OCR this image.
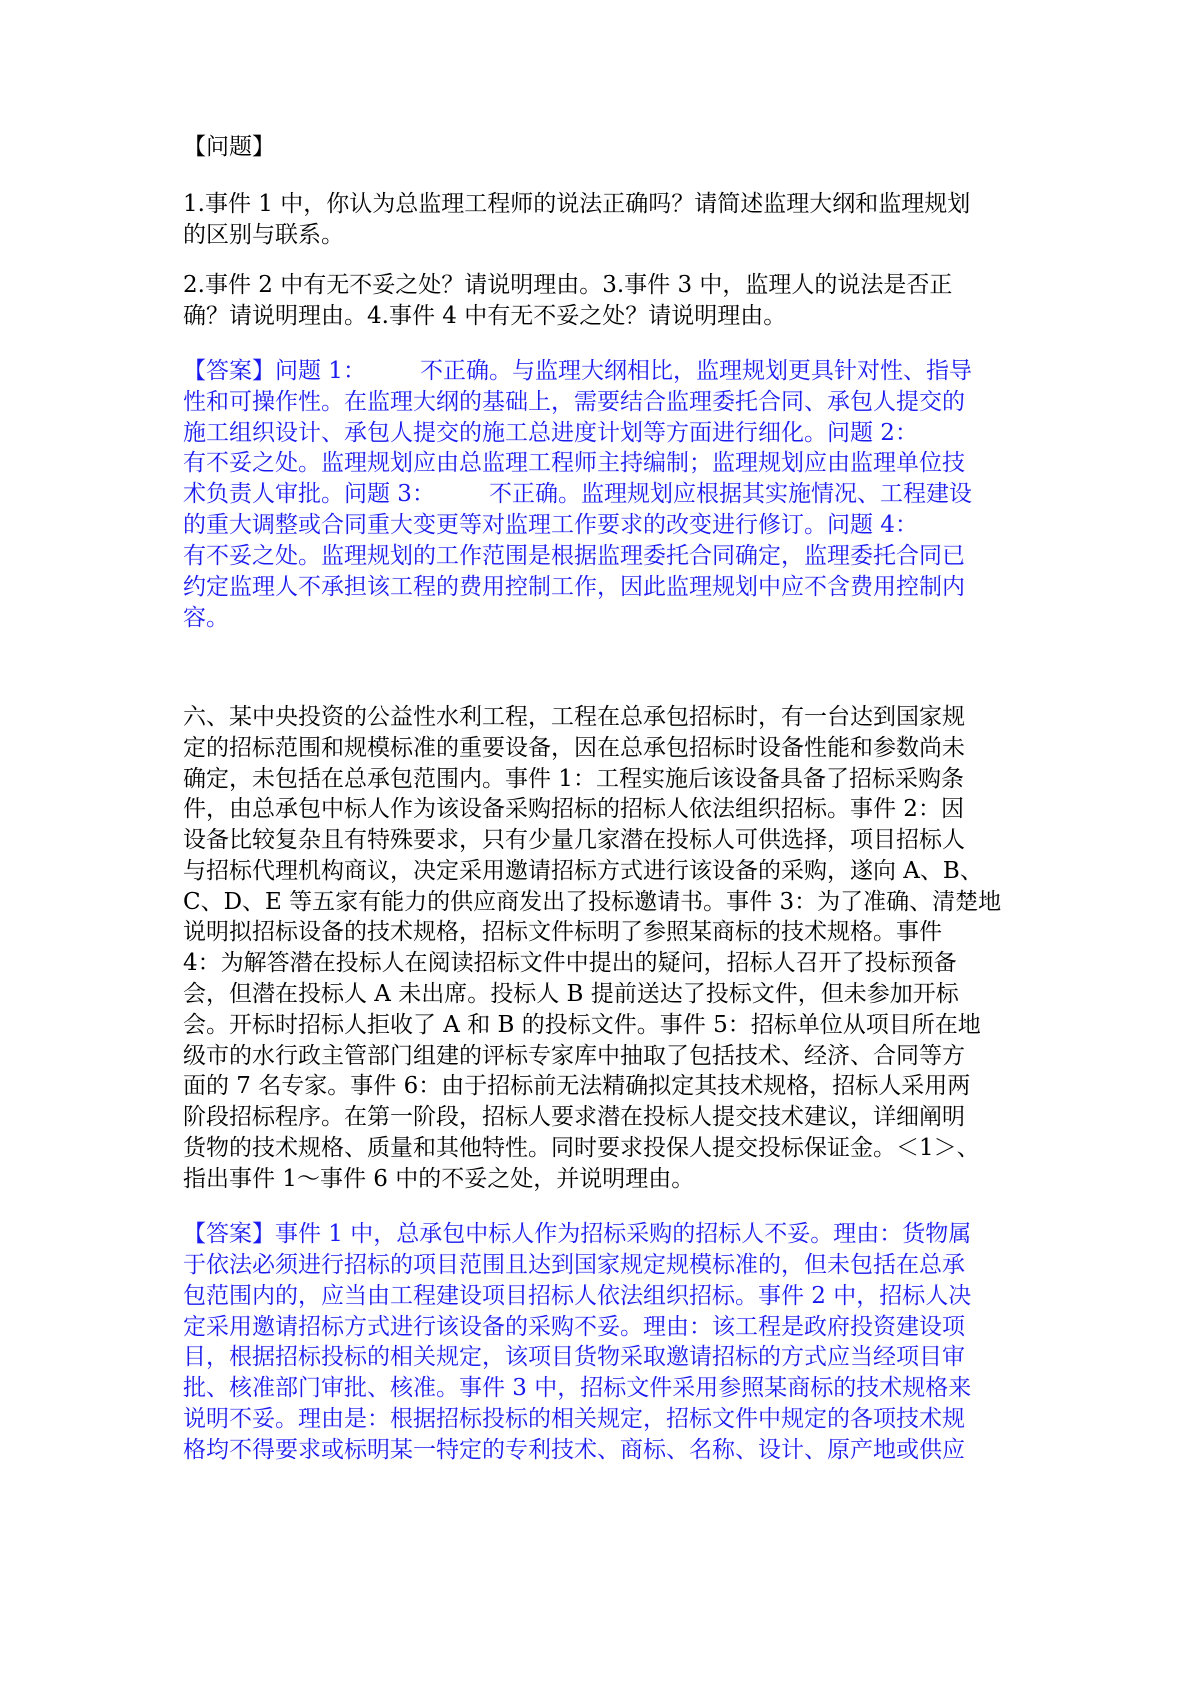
【问题】
1.事件 1 中，你认为总监理工程师的说法正确吗？请简述监理大纲和监理规划
的区别与联系。
2.事件 2 中有无不妥之处？请说明理由。3.事件 3 中，监理人的说法是否正
确？请说明理由。4.事件 4 中有无不妥之处？请说明理由。
【答案】问题 1： 不正确。与监理大纲相比，监理规划更具针对性、指导
性和可操作性。在监理大纲的基础上，需要结合监理委托合同、承包人提交的
施工组织设计、承包人提交的施工总进度计划等方面进行细化。问题 2：
有不妥之处。监理规划应由总监理工程师主持编制；监理规划应由监理单位技
术负责人审批。问题 3： 不正确。监理规划应根据其实施情况、工程建设
的重大调整或合同重大变更等对监理工作要求的改变进行修订。问题 4：
有不妥之处。监理规划的工作范围是根据监理委托合同确定，监理委托合同已
约定监理人不承担该工程的费用控制工作，因此监理规划中应不含费用控制内
容。
六、某中央投资的公益性水利工程，工程在总承包招标时，有一台达到国家规
定的招标范围和规模标准的重要设备，因在总承包招标时设备性能和参数尚未
确定，未包括在总承包范围内。事件 1：工程实施后该设备具备了招标采购条
件，由总承包中标人作为该设备采购招标的招标人依法组织招标。事件 2：因
设备比较复杂且有特殊要求，只有少量几家潜在投标人可供选择，项目招标人
与招标代理机构商议，决定采用邀请招标方式进行该设备的采购，遂向 A、B、
C、D、E 等五家有能力的供应商发出了投标邀请书。事件 3：为了准确、清楚地
说明拟招标设备的技术规格，招标文件标明了参照某商标的技术规格。事件
4：为解答潜在投标人在阅读招标文件中提出的疑问，招标人召开了投标预备
会，但潜在投标人 A 未出席。投标人 B 提前送达了投标文件，但未参加开标
会。开标时招标人拒收了 A 和 B 的投标文件。事件 5：招标单位从项目所在地
级市的水行政主管部门组建的评标专家库中抽取了包括技术、经济、合同等方
面的 7 名专家。事件 6：由于招标前无法精确拟定其技术规格，招标人采用两
阶段招标程序。在第一阶段，招标人要求潜在投标人提交技术建议，详细阐明
货物的技术规格、质量和其他特性。同时要求投保人提交投标保证金。＜1＞、
指出事件 1～事件 6 中的不妥之处，并说明理由。
【答案】事件 1 中，总承包中标人作为招标采购的招标人不妥。理由：货物属
于依法必须进行招标的项目范围且达到国家规定规模标准的，但未包括在总承
包范围内的，应当由工程建设项目招标人依法组织招标。事件 2 中，招标人决
定采用邀请招标方式进行该设备的采购不妥。理由：该工程是政府投资建设项
目，根据招标投标的相关规定，该项目货物采取邀请招标的方式应当经项目审
批、核准部门审批、核准。事件 3 中，招标文件采用参照某商标的技术规格来
说明不妥。理由是：根据招标投标的相关规定，招标文件中规定的各项技术规
格均不得要求或标明某一特定的专利技术、商标、名称、设计、原产地或供应
